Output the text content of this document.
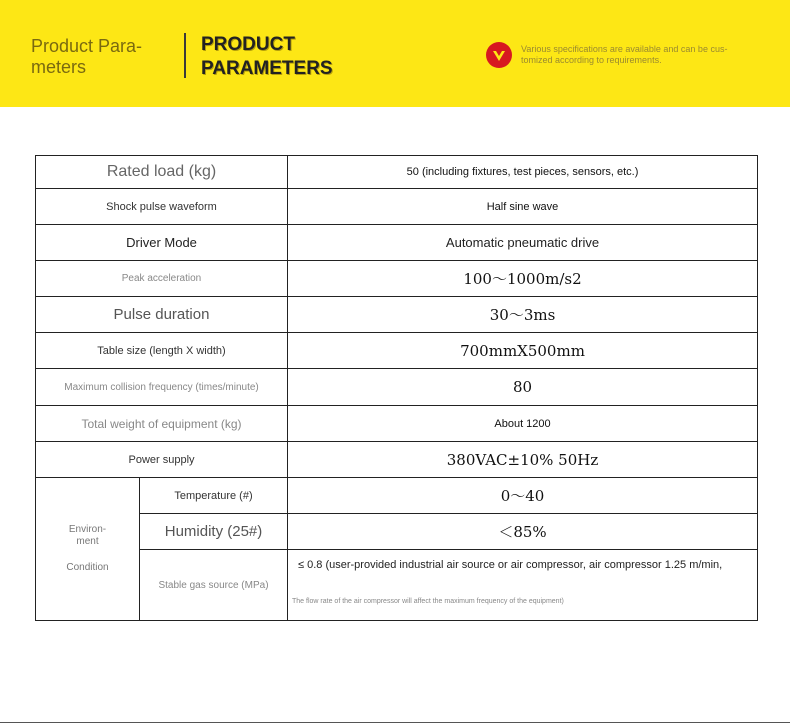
Product Para-
meters
PRODUCT
PARAMETERS
Various specifications are available and can be cus-
tomized according to requirements.
Rated load (kg)		50 (including fixtures, test pieces, sensors, etc.)
Shock pulse waveform		Half sine wave
Driver Mode		Automatic pneumatic drive
Peak acceleration		100～1000m/s2
Pulse duration		30～3ms
Table size (length X width)		700mmX500mm
Maximum collision frequency (times/minute)		80
Total weight of equipment (kg)		About 1200
Power supply		380VAC±10% 50Hz

Environ-
ment
Condition	Temperature (#)	0～40
	Humidity (25#)	＜85%
	Stable gas source (MPa)	≤ 0.8 (user-provided industrial air source or air compressor, air compressor 1.25 m/min,
The flow rate of the air compressor will affect the maximum frequency of the equipment)
